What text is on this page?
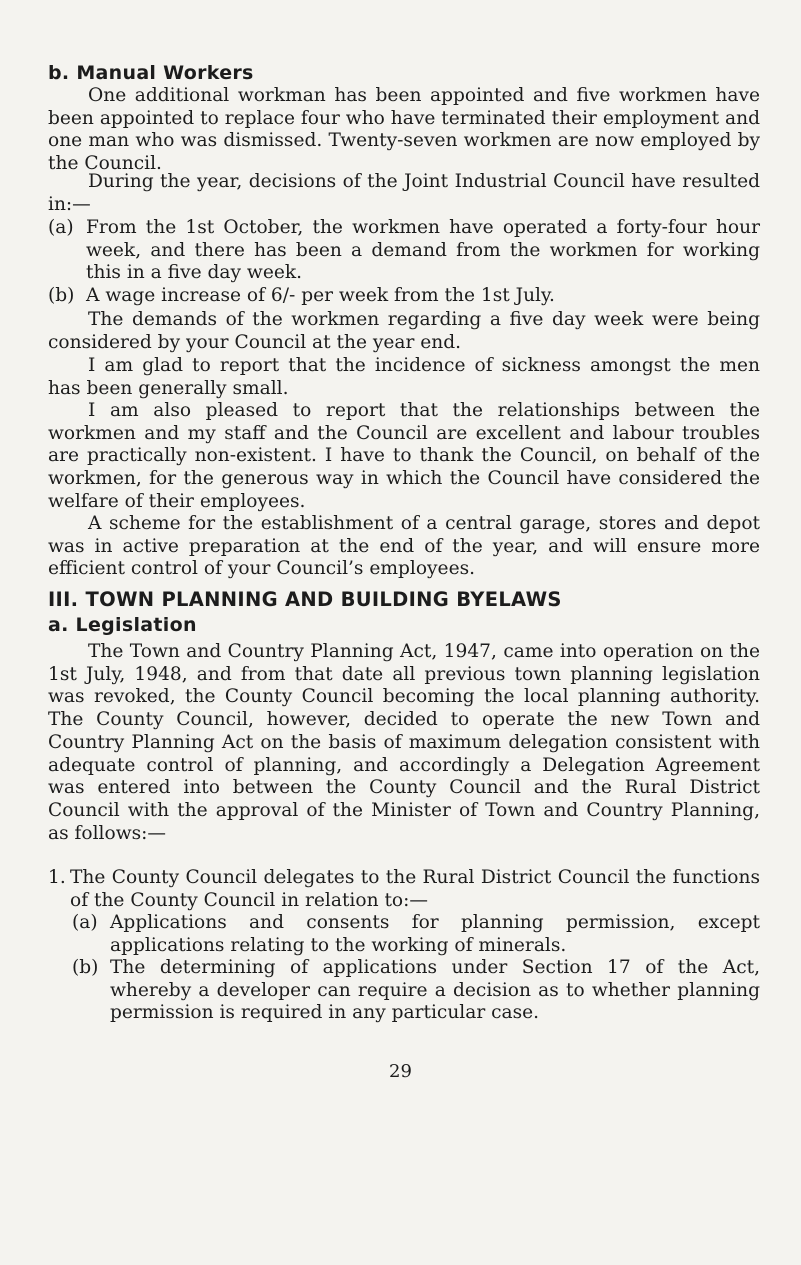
b. Manual Workers

One additional workman has been appointed and five workmen have been appointed to replace four who have terminated their employment and one man who was dismissed. Twenty-seven workmen are now employed by the Council.

During the year, decisions of the Joint Industrial Council have resulted in:—

(a) From the 1st October, the workmen have operated a forty-four hour week, and there has been a demand from the workmen for working this in a five day week.
(b) A wage increase of 6/- per week from the 1st July.

The demands of the workmen regarding a five day week were being considered by your Council at the year end.

I am glad to report that the incidence of sickness amongst the men has been generally small.

I am also pleased to report that the relationships between the workmen and my staff and the Council are excellent and labour troubles are practically non-existent. I have to thank the Council, on behalf of the workmen, for the generous way in which the Council have considered the welfare of their employees.

A scheme for the establishment of a central garage, stores and depot was in active preparation at the end of the year, and will ensure more efficient control of your Council’s employees.

III. TOWN PLANNING AND BUILDING BYELAWS
a. Legislation

The Town and Country Planning Act, 1947, came into operation on the 1st July, 1948, and from that date all previous town planning legislation was revoked, the County Council becoming the local planning authority. The County Council, however, decided to operate the new Town and Country Planning Act on the basis of maximum delegation consistent with adequate control of planning, and accordingly a Delegation Agreement was entered into between the County Council and the Rural District Council with the approval of the Minister of Town and Country Planning, as follows:—

1. The County Council delegates to the Rural District Council the functions of the County Council in relation to:—
(a) Applications and consents for planning permission, except applications relating to the working of minerals.
(b) The determining of applications under Section 17 of the Act, whereby a developer can require a decision as to whether planning permission is required in any particular case.
29
